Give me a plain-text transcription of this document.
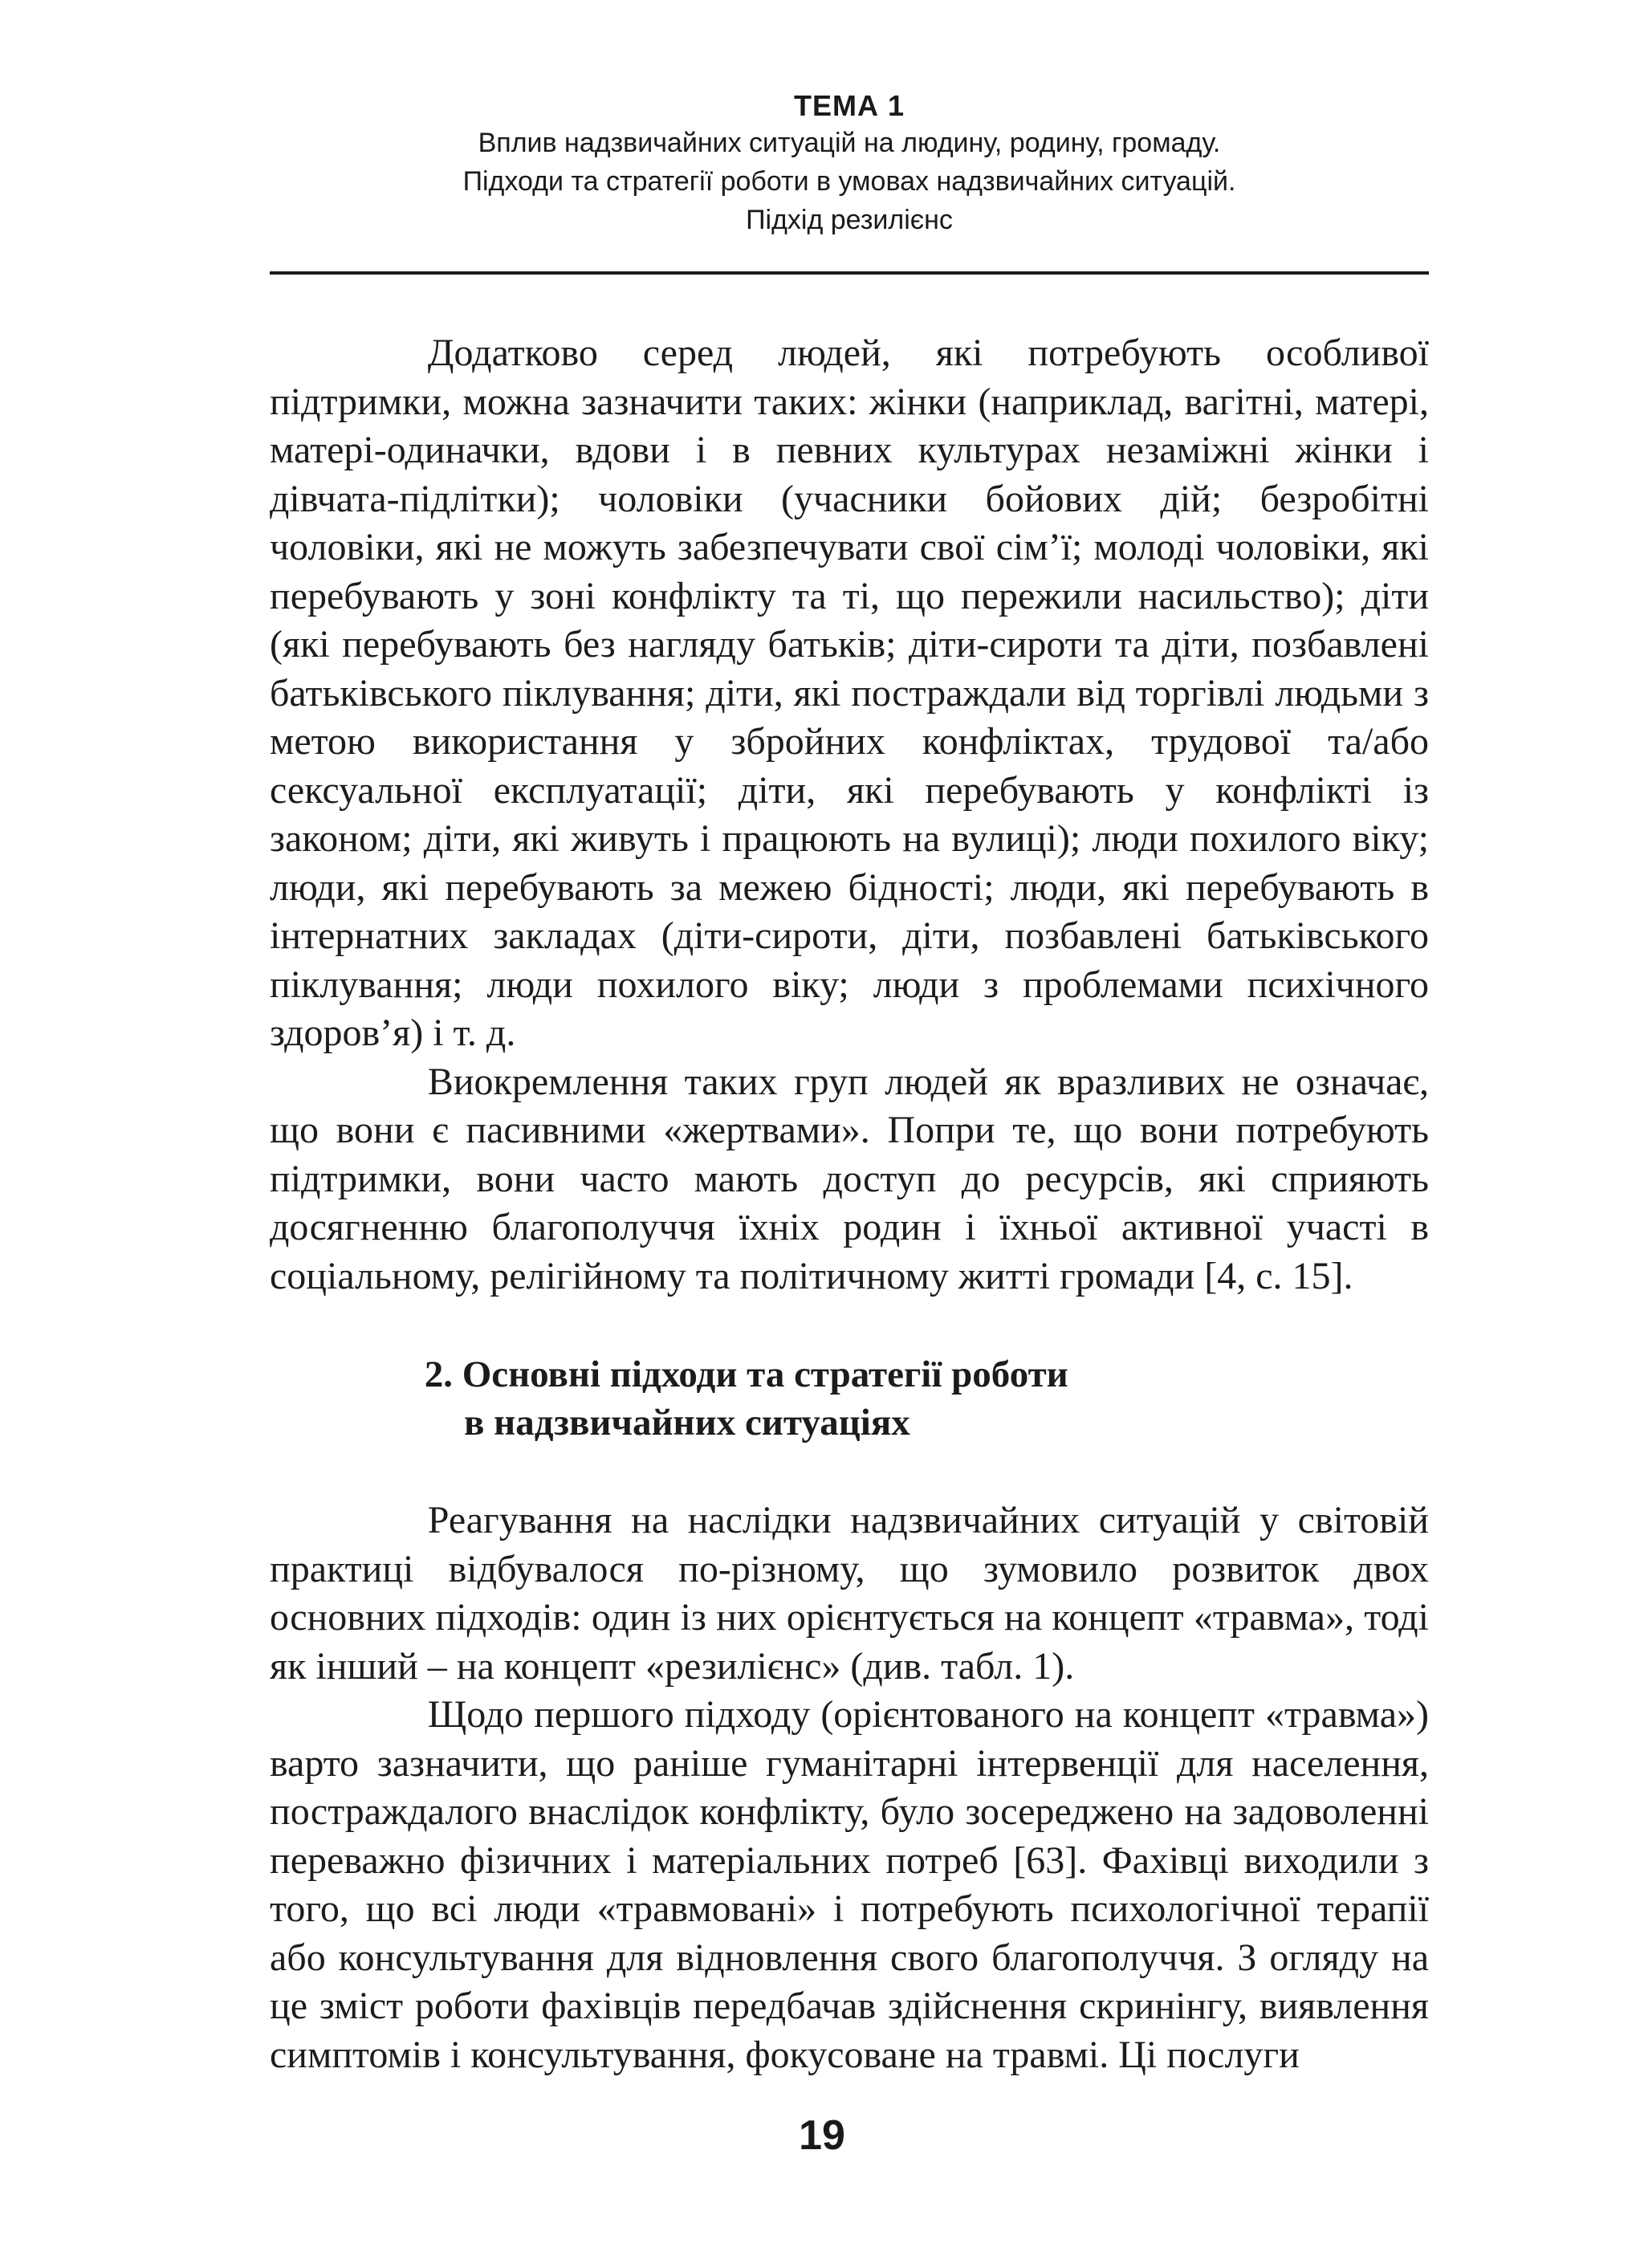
ТЕМА 1
Вплив надзвичайних ситуацій на людину, родину, громаду.
Підходи та стратегії роботи в умовах надзвичайних ситуацій.
Підхід резилієнс

Додатково серед людей, які потребують особливої підтримки, можна зазначити таких: жінки (наприклад, вагітні, матері, матері-одиначки, вдови і в певних культурах незаміжні жінки і дівчата-підлітки); чоловіки (учасники бойових дій; безробітні чоловіки, які не можуть забезпечувати свої сім’ї; молоді чоловіки, які перебувають у зоні конфлікту та ті, що пережили насильство); діти (які перебувають без нагляду батьків; діти-сироти та діти, позбавлені батьківського піклування; діти, які постраждали від торгівлі людьми з метою використання у збройних конфліктах, трудової та/або сексуальної експлуатації; діти, які перебувають у конфлікті із законом; діти, які живуть і працюють на вулиці); люди похилого віку; люди, які перебувають за межею бідності; люди, які перебувають в інтернатних закладах (діти-сироти, діти, позбавлені батьківського піклування; люди похилого віку; люди з проблемами психічного здоров’я) і т. д.

Виокремлення таких груп людей як вразливих не означає, що вони є пасивними «жертвами». Попри те, що вони потребують підтримки, вони часто мають доступ до ресурсів, які сприяють досягненню благополуччя їхніх родин і їхньої активної участі в соціальному, релігійному та політичному житті громади [4, с. 15].

2. Основні підходи та стратегії роботи
в надзвичайних ситуаціях

Реагування на наслідки надзвичайних ситуацій у світовій практиці відбувалося по-різному, що зумовило розвиток двох основних підходів: один із них орієнтується на концепт «травма», тоді як інший – на концепт «резилієнс» (див. табл. 1).

Щодо першого підходу (орієнтованого на концепт «травма») варто зазначити, що раніше гуманітарні інтервенції для населення, постраждалого внаслідок конфлікту, було зосереджено на задоволенні переважно фізичних і матеріальних потреб [63]. Фахівці виходили з того, що всі люди «травмовані» і потребують психологічної терапії або консультування для відновлення свого благополуччя. З огляду на це зміст роботи фахівців передбачав здійснення скринінгу, виявлення симптомів і консультування, фокусоване на травмі. Ці послуги

19
